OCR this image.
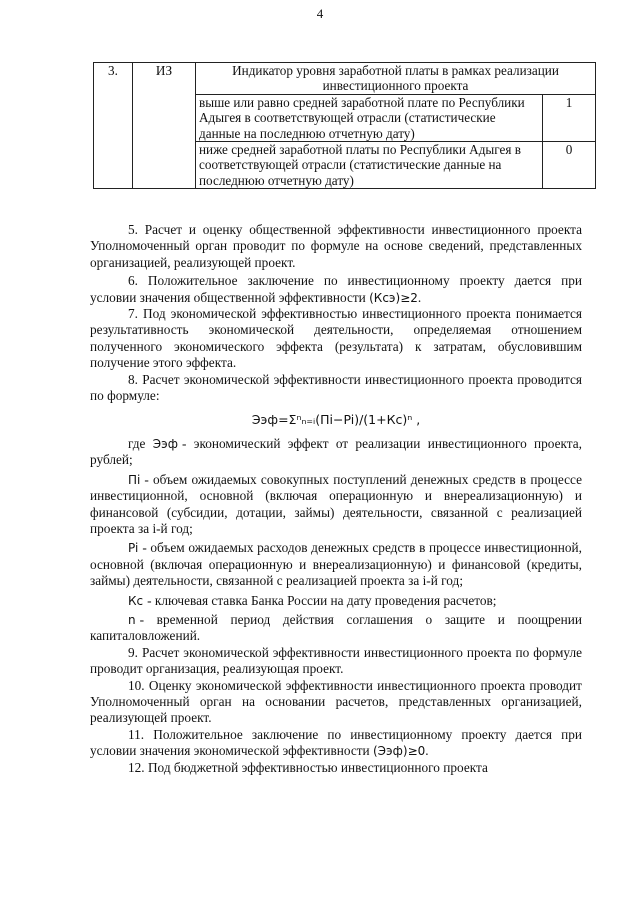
4
3.	ИЗ	Индикатор уровня заработной платы в рамках реализации инвестиционного проекта	
		выше или равно средней заработной плате по Республики Адыгея в соответствующей отрасли (статистические данные на последнюю отчетную дату)	1
		ниже средней заработной платы по Республики Адыгея в соответствующей отрасли (статистические данные на последнюю отчетную дату)	0

5. Расчет и оценку общественной эффективности инвестиционного проекта Уполномоченный орган проводит по формуле на основе сведений, представленных организацией, реализующей проект.

6. Положительное заключение по инвестиционному проекту дается при условии значения общественной эффективности (Ксэ)≥2.

7. Под экономической эффективностью инвестиционного проекта понимается результативность экономической деятельности, определяемая отношением полученного экономического эффекта (результата) к затратам, обусловившим получение этого эффекта.

8. Расчет экономической эффективности инвестиционного проекта проводится по формуле:

Ээф=Σⁿₙ₌ᵢ(Пi−Pi)/(1+Кс)ⁿ ,

где Ээф - экономический эффект от реализации инвестиционного проекта, рублей;

Пi - объем ожидаемых совокупных поступлений денежных средств в процессе инвестиционной, основной (включая операционную и внереализационную) и финансовой (субсидии, дотации, займы) деятельности, связанной с реализацией проекта за i-й год;

Pi - объем ожидаемых расходов денежных средств в процессе инвестиционной, основной (включая операционную и внереализационную) и финансовой (кредиты, займы) деятельности, связанной с реализацией проекта за i-й год;

Кс - ключевая ставка Банка России на дату проведения расчетов;

n - временной период действия соглашения о защите и поощрении капиталовложений.

9. Расчет экономической эффективности инвестиционного проекта по формуле проводит организация, реализующая проект.

10. Оценку экономической эффективности инвестиционного проекта проводит Уполномоченный орган на основании расчетов, представленных организацией, реализующей проект.

11. Положительное заключение по инвестиционному проекту дается при условии значения экономической эффективности (Ээф)≥0.

12. Под бюджетной эффективностью инвестиционного проекта
